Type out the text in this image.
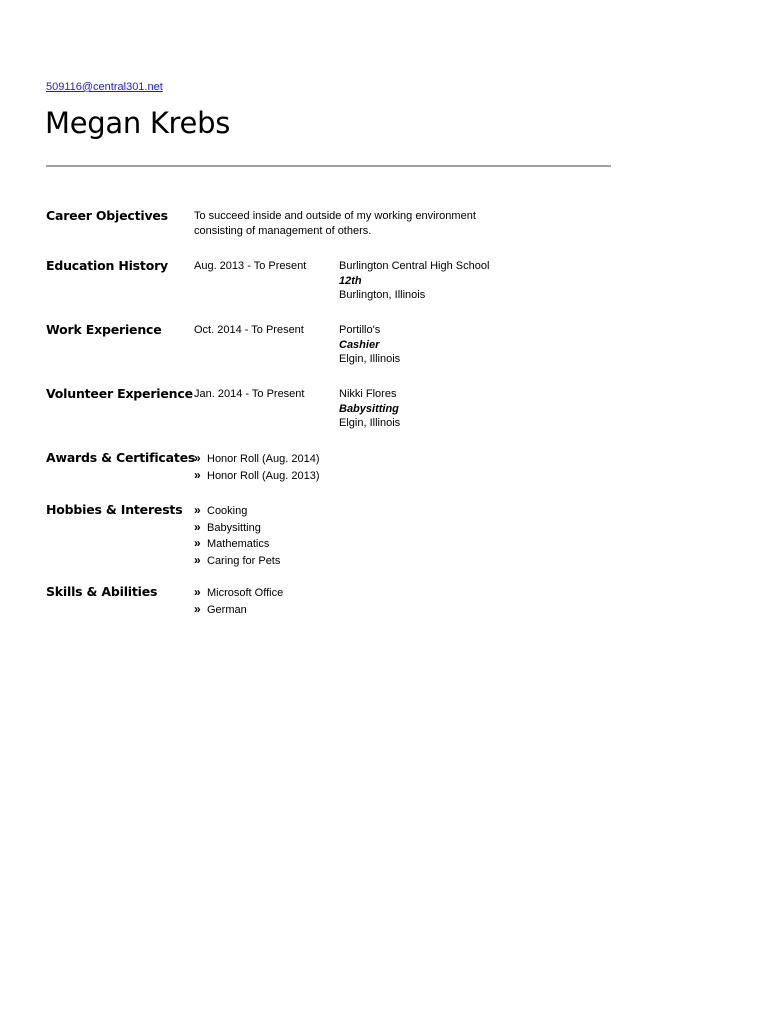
509116@central301.net
Megan Krebs
Career Objectives To succeed inside and outside of my working environment consisting of management of others.
Education History Aug. 2013 - To Present	Burlington Central High School
12th
Burlington, Illinois
Work Experience	Oct. 2014 - To Present	Portillo's
Cashier
Elgin, Illinois
Volunteer Experience Jan. 2014 - To Present	Nikki Flores
Babysitting
Elgin, Illinois
Awards & Certificates
» Honor Roll (Aug. 2014)
» Honor Roll (Aug. 2013)
Hobbies & Interests » Cooking
» Babysitting
» Mathematics
» Caring for Pets
Skills & Abilities	» Microsoft Office
» German
